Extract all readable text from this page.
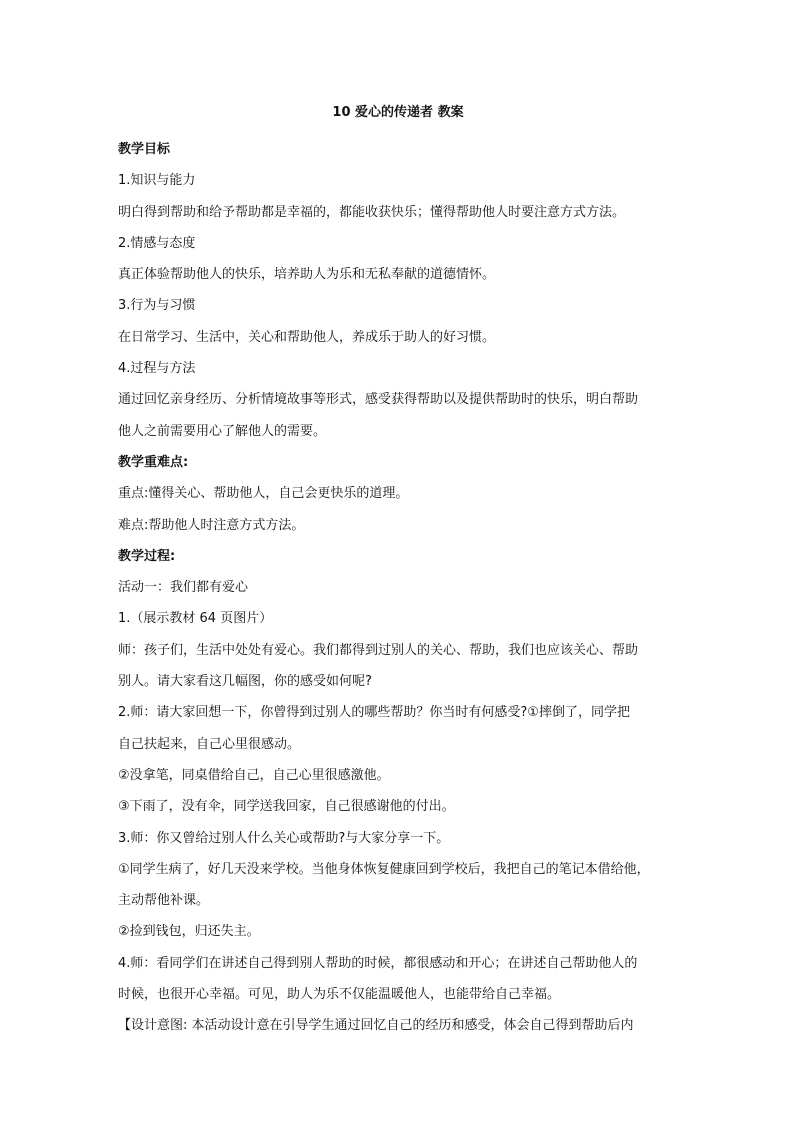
10 爱心的传递者 教案

教学目标

1.知识与能力

明白得到帮助和给予帮助都是幸福的，都能收获快乐；懂得帮助他人时要注意方式方法。

2.情感与态度

真正体验帮助他人的快乐，培养助人为乐和无私奉献的道德情怀。

3.行为与习惯

在日常学习、生活中，关心和帮助他人，养成乐于助人的好习惯。

4.过程与方法

通过回忆亲身经历、分析情境故事等形式，感受获得帮助以及提供帮助时的快乐，明白帮助

他人之前需要用心了解他人的需要。

教学重难点:

重点:懂得关心、帮助他人，自己会更快乐的道理。

难点:帮助他人时注意方式方法。

教学过程:

活动一：我们都有爱心

1.（展示教材 64 页图片）

师：孩子们，生活中处处有爱心。我们都得到过别人的关心、帮助，我们也应该关心、帮助

别人。请大家看这几幅图，你的感受如何呢?

2.师：请大家回想一下，你曾得到过别人的哪些帮助？你当时有何感受?①摔倒了，同学把

自己扶起来，自己心里很感动。

②没拿笔，同桌借给自己，自己心里很感激他。

③下雨了，没有伞，同学送我回家，自己很感谢他的付出。

3.师：你又曾给过别人什么关心或帮助?与大家分享一下。

①同学生病了，好几天没来学校。当他身体恢复健康回到学校后，我把自己的笔记本借给他，

主动帮他补课。

②捡到钱包，归还失主。

4.师：看同学们在讲述自己得到别人帮助的时候，都很感动和开心；在讲述自己帮助他人的

时候，也很开心幸福。可见，助人为乐不仅能温暖他人，也能带给自己幸福。

【设计意图: 本活动设计意在引导学生通过回忆自己的经历和感受，体会自己得到帮助后内
